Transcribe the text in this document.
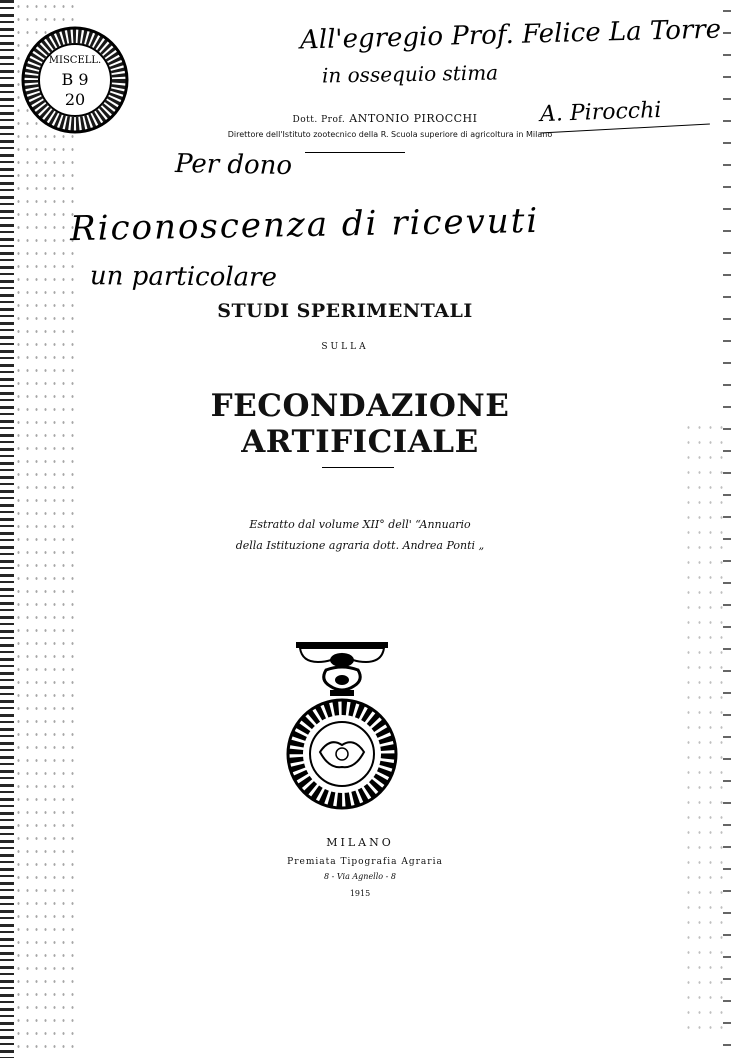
MISCELL.
B 9
20
All'egregio Prof. Felice La Torre
in ossequio stima
A. Pirocchi
Dott. Prof. ANTONIO PIROCCHI
Direttore dell'Istituto zootecnico della R. Scuola superiore di agricoltura in Milano
Per dono
Riconoscenza di ricevuti
un particolare
STUDI SPERIMENTALI
SULLA
FECONDAZIONE ARTIFICIALE
Estratto dal volume XII° dell' “Annuario
della Istituzione agraria dott. Andrea Ponti „
MILANO
Premiata Tipografia Agraria
8 - Via Agnello - 8
1915
